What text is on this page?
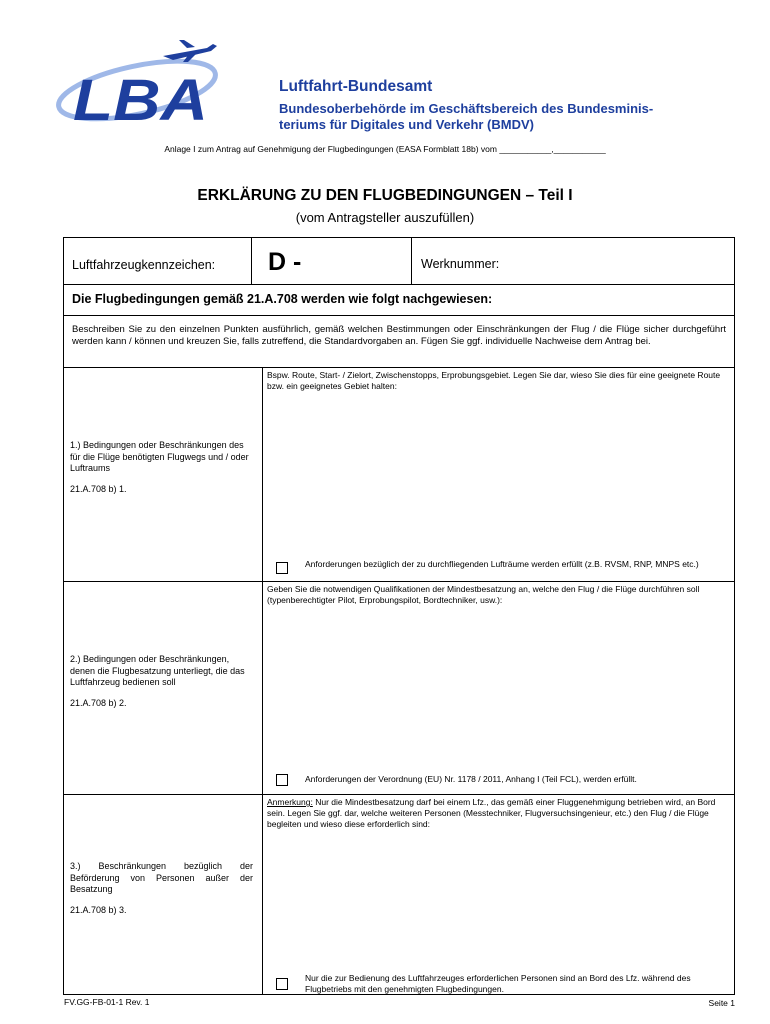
LBA	Luftfahrt-Bundesamt
Bundesoberbehörde im Geschäftsbereich des Bundesminis-
teriums für Digitales und Verkehr (BMDV)
Anlage I zum Antrag auf Genehmigung der Flugbedingungen (EASA Formblatt 18b) vom ___________,___________
ERKLÄRUNG ZU DEN FLUGBEDINGUNGEN – Teil I
(vom Antragsteller auszufüllen)
Luftfahrzeugkennzeichen: D -	Werknummer:
Die Flugbedingungen gemäß 21.A.708 werden wie folgt nachgewiesen:
Beschreiben Sie zu den einzelnen Punkten ausführlich, gemäß welchen Bestimmungen oder Einschränkungen der Flug / die Flüge sicher durchgeführt werden kann / können und kreuzen Sie, falls zutreffend, die Standardvorgaben an. Fügen Sie ggf. individuelle Nachweise dem Antrag bei.
1.) Bedingungen oder Beschränkungen des für die Flüge benötigten Flugwegs und / oder Luftraums
21.A.708 b) 1.
Bspw. Route, Start- / Zielort, Zwischenstopps, Erprobungsgebiet. Legen Sie dar, wieso Sie dies für eine geeignete Route bzw. ein geeignetes Gebiet halten:
Anforderungen bezüglich der zu durchfliegenden Lufträume werden erfüllt (z.B. RVSM, RNP, MNPS etc.)
2.) Bedingungen oder Beschränkungen, denen die Flugbesatzung unterliegt, die das Luftfahrzeug bedienen soll
21.A.708 b) 2.
Geben Sie die notwendigen Qualifikationen der Mindestbesatzung an, welche den Flug / die Flüge durchführen soll (typenberechtigter Pilot, Erprobungspilot, Bordtechniker, usw.):
Anforderungen der Verordnung (EU) Nr. 1178 / 2011, Anhang I (Teil FCL), werden erfüllt.
3.) Beschränkungen bezüglich der Beförderung von Personen außer der Besatzung
21.A.708 b) 3.
Anmerkung: Nur die Mindestbesatzung darf bei einem Lfz., das gemäß einer Fluggenehmigung betrieben wird, an Bord sein. Legen Sie ggf. dar, welche weiteren Personen (Messtechniker, Flugversuchsingenieur, etc.) den Flug / die Flüge begleiten und wieso diese erforderlich sind:
Nur die zur Bedienung des Luftfahrzeuges erforderlichen Personen sind an Bord des Lfz. während des Flugbetriebs mit den genehmigten Flugbedingungen.
FV.GG-FB-01-1 Rev. 1	Seite 1
